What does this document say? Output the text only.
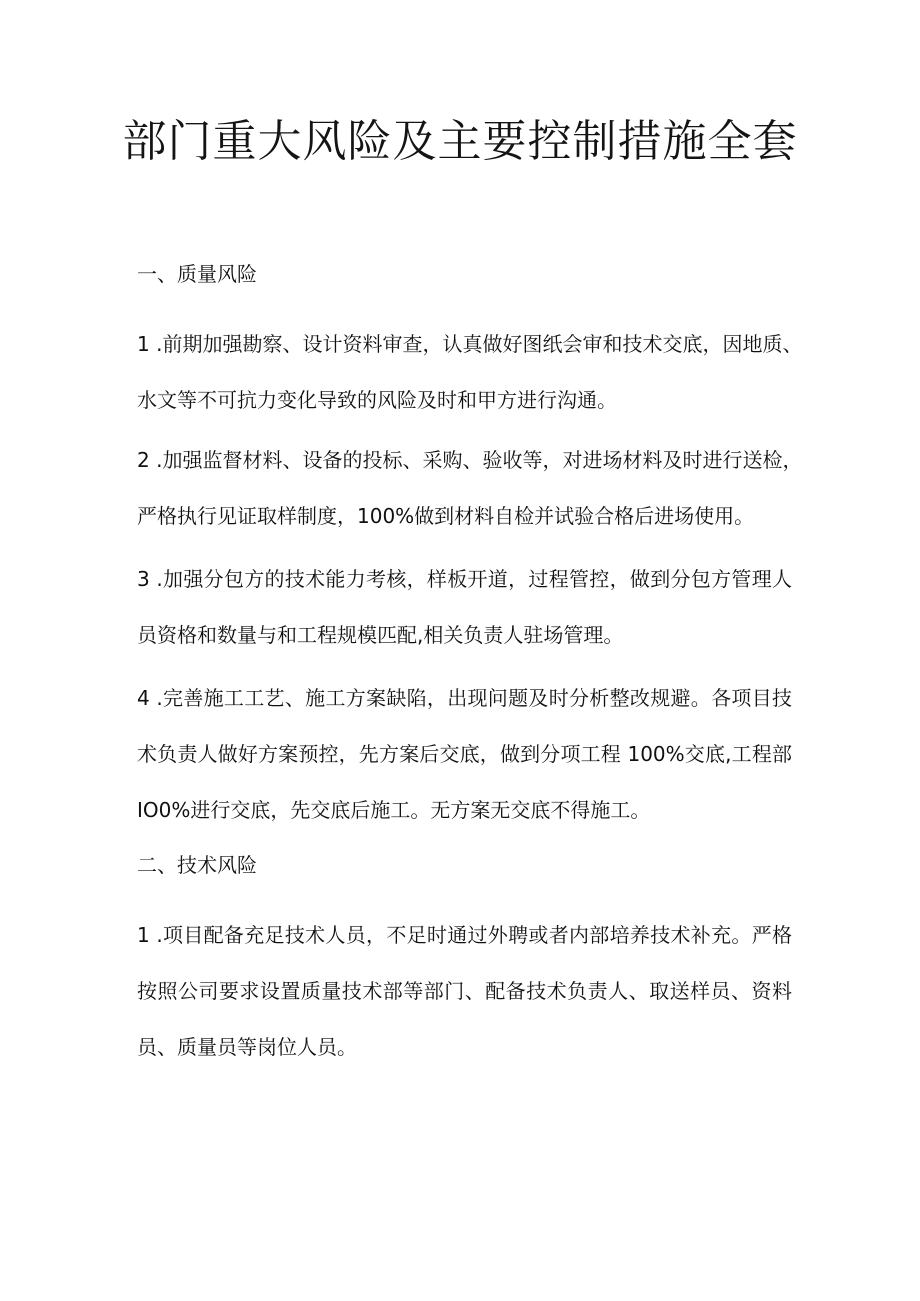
部门重大风险及主要控制措施全套
一、质量风险
1 .前期加强勘察、设计资料审查，认真做好图纸会审和技术交底，因地质、
水文等不可抗力变化导致的风险及时和甲方进行沟通。
2 .加强监督材料、设备的投标、采购、验收等，对进场材料及时进行送检，
严格执行见证取样制度，100%做到材料自检并试验合格后进场使用。
3 .加强分包方的技术能力考核，样板开道，过程管控，做到分包方管理人
员资格和数量与和工程规模匹配,相关负责人驻场管理。
4 .完善施工工艺、施工方案缺陷，出现问题及时分析整改规避。各项目技
术负责人做好方案预控，先方案后交底，做到分项工程 100%交底,工程部
IO0%进行交底，先交底后施工。无方案无交底不得施工。
二、技术风险
1 .项目配备充足技术人员，不足时通过外聘或者内部培养技术补充。严格
按照公司要求设置质量技术部等部门、配备技术负责人、取送样员、资料
员、质量员等岗位人员。
